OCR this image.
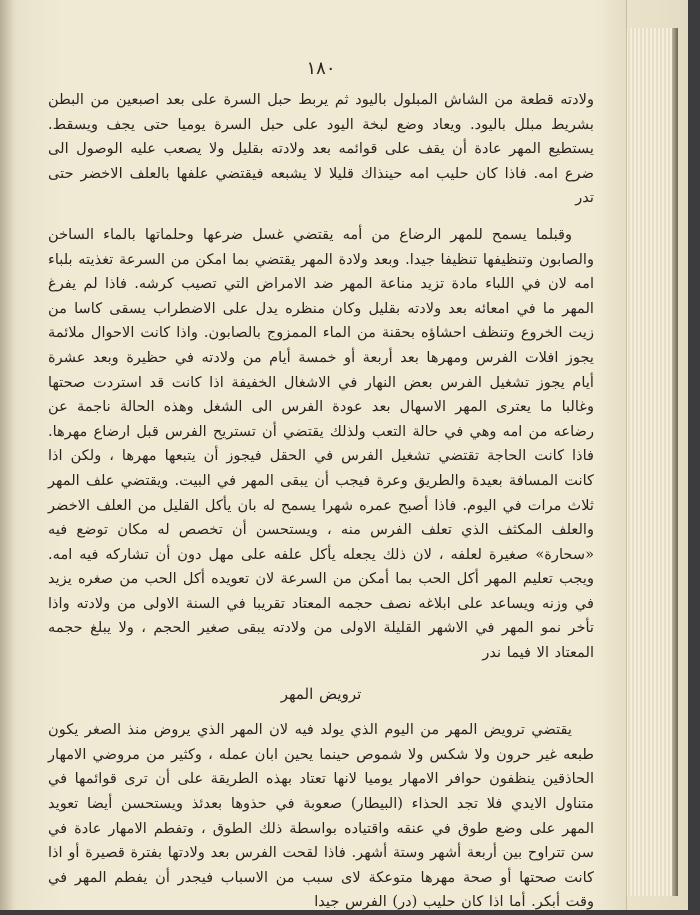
١٨٠

ولادته قطعة من الشاش المبلول باليود ثم يربط حبل السرة على بعد اصبعين من البطن بشريط مبلل باليود. ويعاد وضع لبخة اليود على حبل السرة يوميا حتى يجف ويسقط. يستطيع المهر عادة أن يقف على قوائمه بعد ولادته بقليل ولا يصعب عليه الوصول الى ضرع امه. فاذا كان حليب امه حينذاك قليلا لا يشبعه فيقتضي علفها بالعلف الاخضر حتى تدر

وقبلما يسمح للمهر الرضاع من أمه يقتضي غسل ضرعها وحلماتها بالماء الساخن والصابون وتنظيفها تنظيفا جيدا. وبعد ولادة المهر يقتضي بما امكن من السرعة تغذيته بلباء امه لان في اللباء مادة تزيد مناعة المهر ضد الامراض التي تصيب كرشه. فاذا لم يفرغ المهر ما في امعائه بعد ولادته بقليل وكان منظره يدل على الاضطراب يسقى كاسا من زيت الخروع وتنظف احشاؤه بحقنة من الماء الممزوج بالصابون. واذا كانت الاحوال ملائمة يجوز افلات الفرس ومهرها بعد أربعة أو خمسة أيام من ولادته في حظيرة وبعد عشرة أيام يجوز تشغيل الفرس بعض النهار في الاشغال الخفيفة اذا كانت قد استردت صحتها وغالبا ما يعترى المهر الاسهال بعد عودة الفرس الى الشغل وهذه الحالة ناجمة عن رضاعه من امه وهي في حالة التعب ولذلك يقتضي أن تستريح الفرس قبل ارضاع مهرها. فاذا كانت الحاجة تقتضي تشغيل الفرس في الحقل فيجوز أن يتبعها مهرها ، ولكن اذا كانت المسافة بعيدة والطريق وعرة فيجب أن يبقى المهر في البيت. ويقتضي علف المهر ثلاث مرات في اليوم. فاذا أصبح عمره شهرا يسمح له بان يأكل القليل من العلف الاخضر والعلف المكثف الذي تعلف الفرس منه ، ويستحسن أن تخصص له مكان توضع فيه «سحارة» صغيرة لعلفه ، لان ذلك يجعله يأكل علفه على مهل دون أن تشاركه فيه امه. ويجب تعليم المهر أكل الحب بما أمكن من السرعة لان تعويده أكل الحب من صغره يزيد في وزنه ويساعد على ابلاغه نصف حجمه المعتاد تقريبا في السنة الاولى من ولادته واذا تأخر نمو المهر في الاشهر القليلة الاولى من ولادته يبقى صغير الحجم ، ولا يبلغ حجمه المعتاد الا فيما ندر

ترويض المهر

يقتضي ترويض المهر من اليوم الذي يولد فيه لان المهر الذي يروض منذ الصغر يكون طبعه غير حرون ولا شكس ولا شموص حينما يحين ابان عمله ، وكثير من مروضي الامهار الحاذقين ينظفون حوافر الامهار يوميا لانها تعتاد بهذه الطريقة على أن ترى قوائمها في متناول الايدي فلا تجد الحذاء (البيطار) صعوبة في حذوها بعدئذ ويستحسن أيضا تعويد المهر على وضع طوق في عنقه واقتياده بواسطة ذلك الطوق ، وتفطم الامهار عادة في سن تتراوح بين أربعة أشهر وستة أشهر. فاذا لقحت الفرس بعد ولادتها بفترة قصيرة أو اذا كانت صحتها أو صحة مهرها متوعكة لاى سبب من الاسباب فيجدر أن يفطم المهر في وقت أبكر. أما اذا كان حليب (در) الفرس جيدا
